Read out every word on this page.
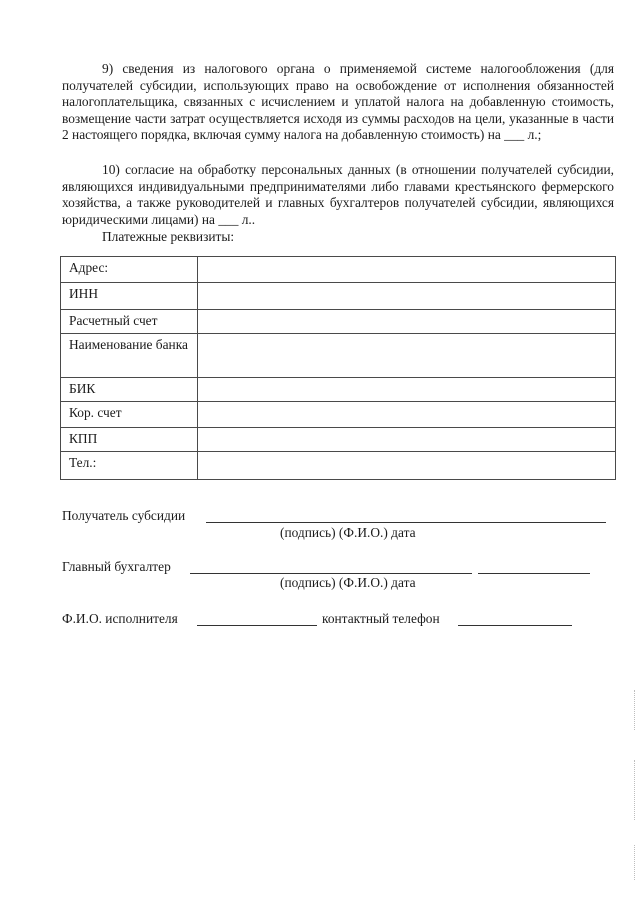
9) сведения из налогового органа о применяемой системе налогообложения (для получателей субсидии, использующих право на освобождение от исполнения обязанностей налогоплательщика, связанных с исчислением и уплатой налога на добавленную стоимость, возмещение части затрат осуществляется исходя из суммы расходов на цели, указанные в части 2 настоящего порядка, включая сумму налога на добавленную стоимость) на ___ л.;

10) согласие на обработку персональных данных (в отношении получателей субсидии, являющихся индивидуальными предпринимателями либо главами крестьянского фермерского хозяйства, а также руководителей и главных бухгалтеров получателей субсидии, являющихся юридическими лицами) на ___ л..

Платежные реквизиты:

Адрес:	
ИНН	
Расчетный счет	
Наименование банка	
БИК	
Кор. счет	
КПП	
Тел.:	
Получатель субсидии
(подпись) (Ф.И.О.) дата
Главный бухгалтер
(подпись) (Ф.И.О.) дата
Ф.И.О. исполнителя	контактный телефон
